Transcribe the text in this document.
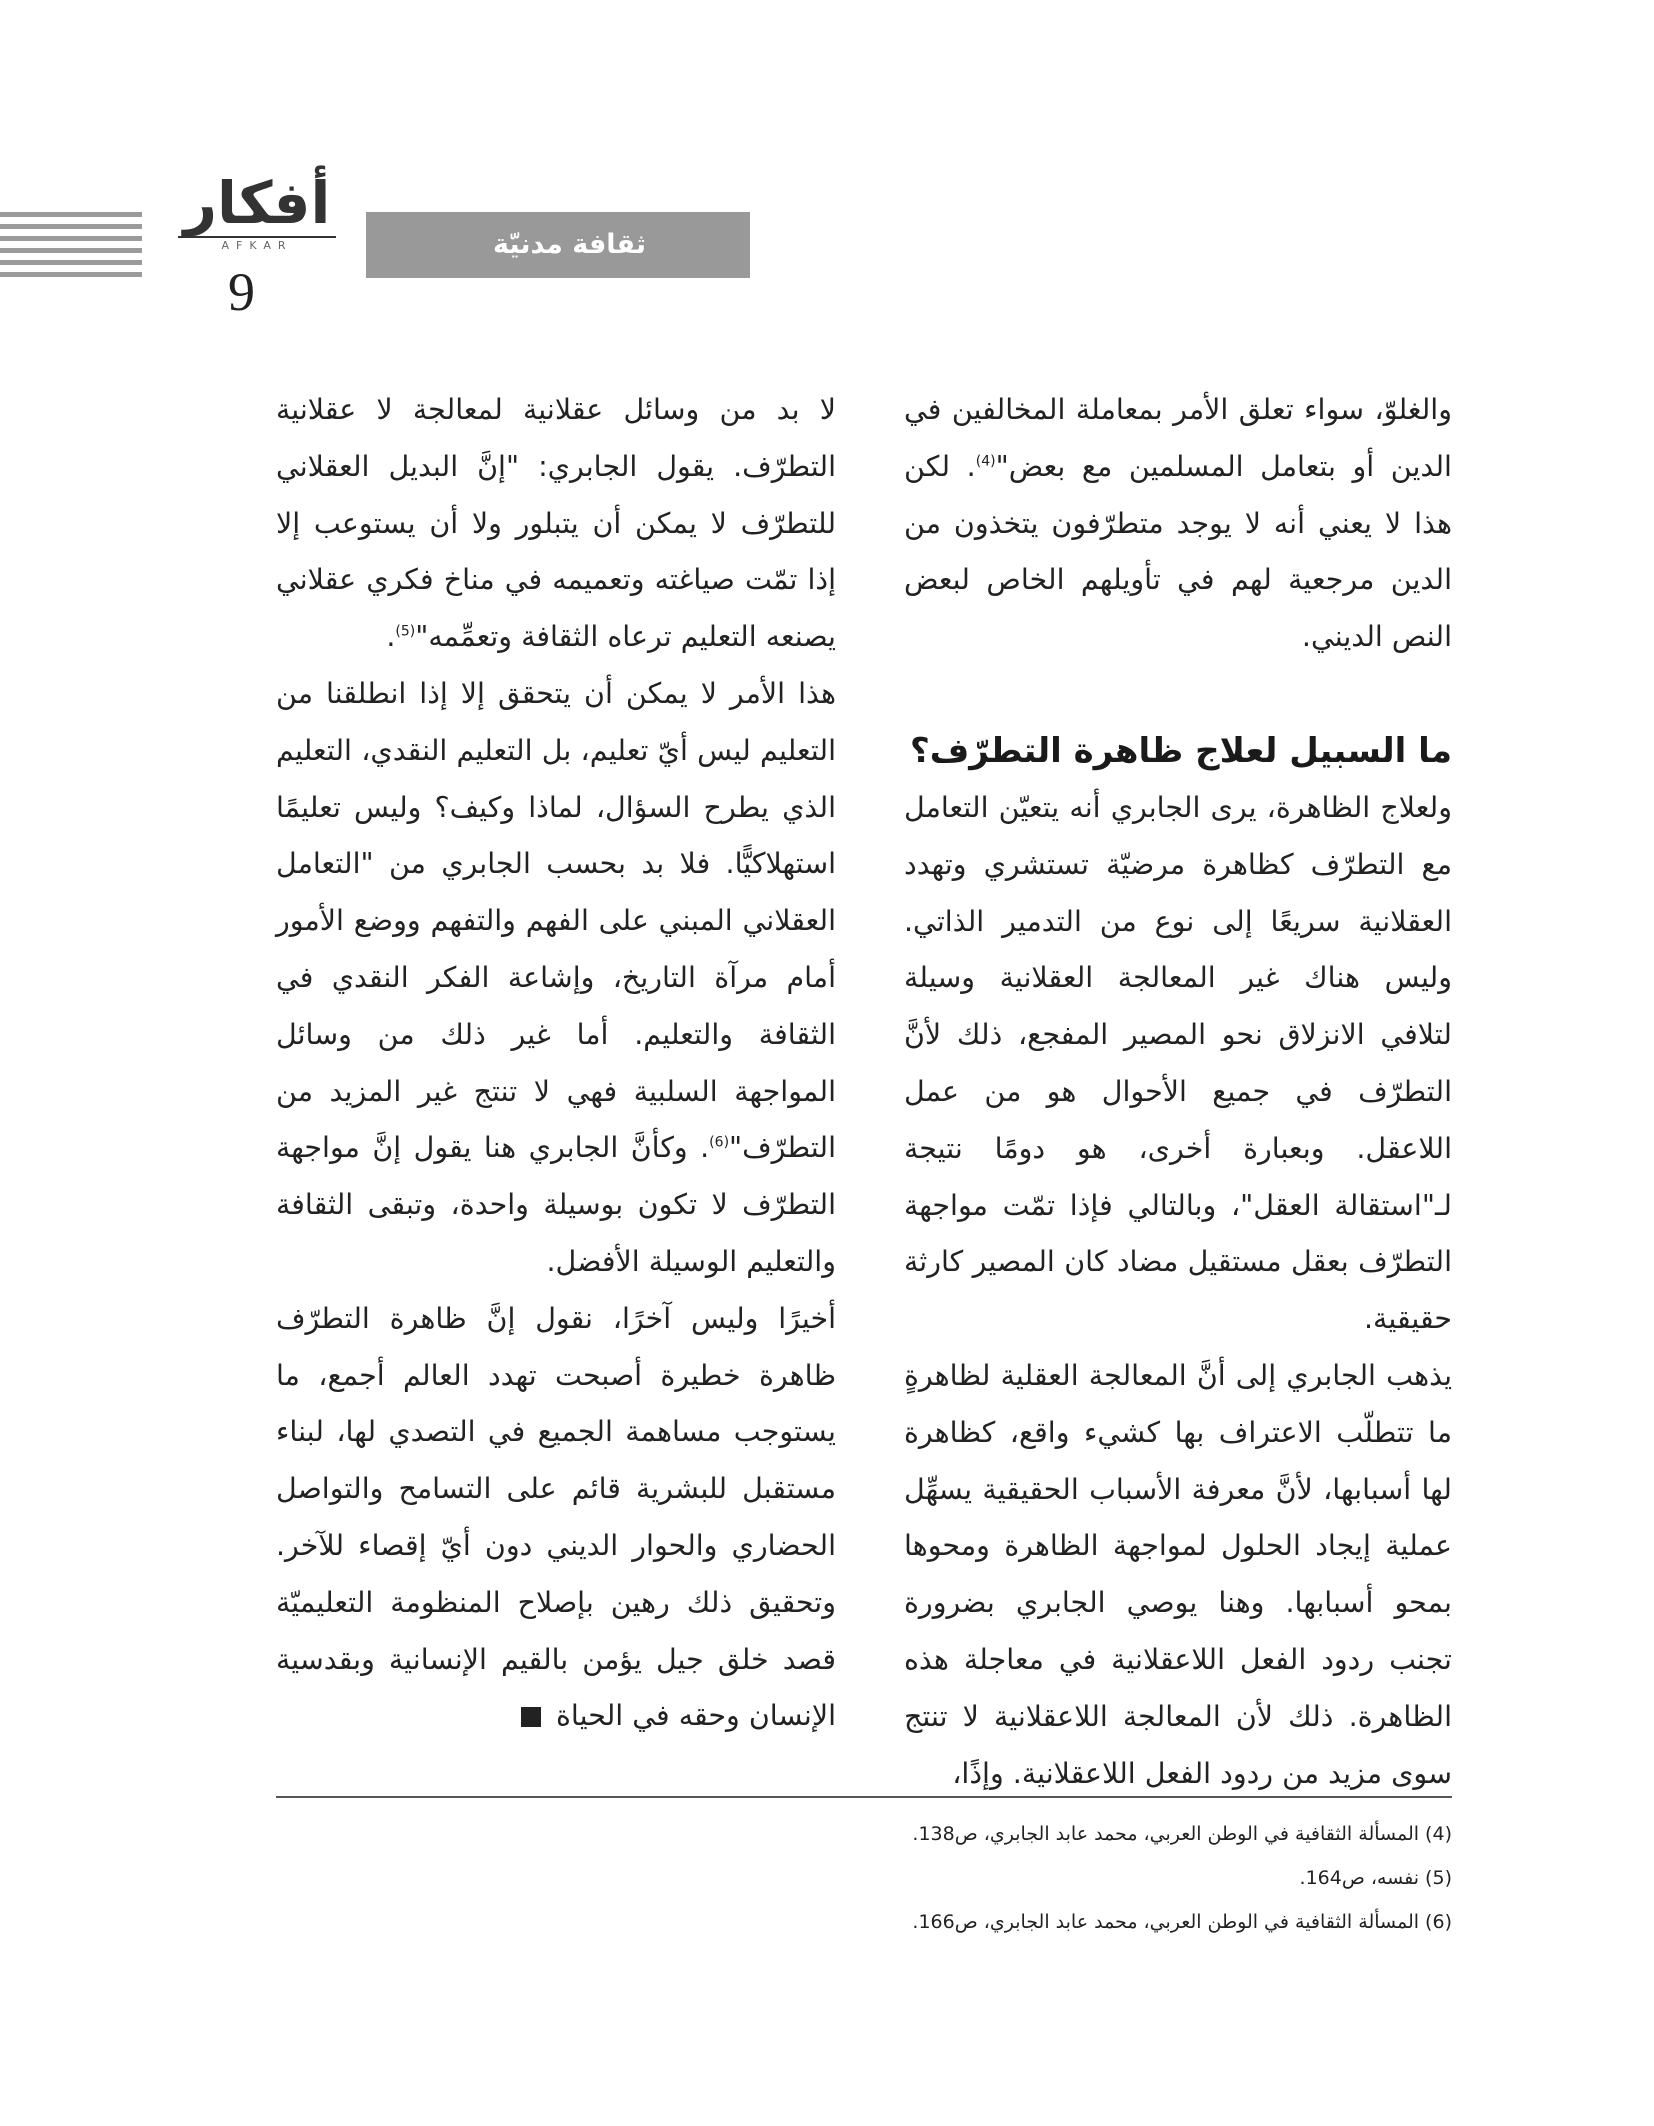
أفكار
AFKAR
9
ثقافة مدنيّة

والغلوّ، سواء تعلق الأمر بمعاملة المخالفين في الدين أو بتعامل المسلمين مع بعض"$^{(4)}$. لكن هذا لا يعني أنه لا يوجد متطرّفون يتخذون من الدين مرجعية لهم في تأويلهم الخاص لبعض النص الديني.

ما السبيل لعلاج ظاهرة التطرّف؟

ولعلاج الظاهرة، يرى الجابري أنه يتعيّن التعامل مع التطرّف كظاهرة مرضيّة تستشري وتهدد العقلانية سريعًا إلى نوع من التدمير الذاتي. وليس هناك غير المعالجة العقلانية وسيلة لتلافي الانزلاق نحو المصير المفجع، ذلك لأنَّ التطرّف في جميع الأحوال هو من عمل اللاعقل. وبعبارة أخرى، هو دومًا نتيجة لـ"استقالة العقل"، وبالتالي فإذا تمّت مواجهة التطرّف بعقل مستقيل مضاد كان المصير كارثة حقيقية.

يذهب الجابري إلى أنَّ المعالجة العقلية لظاهرةٍ ما تتطلّب الاعتراف بها كشيء واقع، كظاهرة لها أسبابها، لأنَّ معرفة الأسباب الحقيقية يسهِّل عملية إيجاد الحلول لمواجهة الظاهرة ومحوها بمحو أسبابها. وهنا يوصي الجابري بضرورة تجنب ردود الفعل اللاعقلانية في معاجلة هذه الظاهرة. ذلك لأن المعالجة اللاعقلانية لا تنتج سوى مزيد من ردود الفعل اللاعقلانية. وإذًا،

لا بد من وسائل عقلانية لمعالجة لا عقلانية التطرّف. يقول الجابري: "إنَّ البديل العقلاني للتطرّف لا يمكن أن يتبلور ولا أن يستوعب إلا إذا تمّت صياغته وتعميمه في مناخ فكري عقلاني يصنعه التعليم ترعاه الثقافة وتعمِّمه"$^{(5)}$.

هذا الأمر لا يمكن أن يتحقق إلا إذا انطلقنا من التعليم ليس أيّ تعليم، بل التعليم النقدي، التعليم الذي يطرح السؤال، لماذا وكيف؟ وليس تعليمًا استهلاكيًّا. فلا بد بحسب الجابري من "التعامل العقلاني المبني على الفهم والتفهم ووضع الأمور أمام مرآة التاريخ، وإشاعة الفكر النقدي في الثقافة والتعليم. أما غير ذلك من وسائل المواجهة السلبية فهي لا تنتج غير المزيد من التطرّف"$^{(6)}$. وكأنَّ الجابري هنا يقول إنَّ مواجهة التطرّف لا تكون بوسيلة واحدة، وتبقى الثقافة والتعليم الوسيلة الأفضل.

أخيرًا وليس آخرًا، نقول إنَّ ظاهرة التطرّف ظاهرة خطيرة أصبحت تهدد العالم أجمع، ما يستوجب مساهمة الجميع في التصدي لها، لبناء مستقبل للبشرية قائم على التسامح والتواصل الحضاري والحوار الديني دون أيّ إقصاء للآخر. وتحقيق ذلك رهين بإصلاح المنظومة التعليميّة قصد خلق جيل يؤمن بالقيم الإنسانية وبقدسية الإنسان وحقه في الحياة

(4) المسألة الثقافية في الوطن العربي، محمد عابد الجابري، ص138.
(5) نفسه، ص164.
(6) المسألة الثقافية في الوطن العربي، محمد عابد الجابري، ص166.
